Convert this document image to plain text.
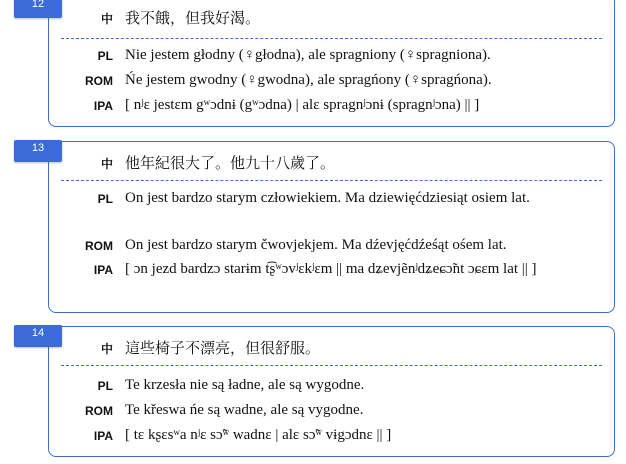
中 我不餓，但我好渴。
PL Nie jestem głodny (♀głodna), ale spragniony (♀spragniona).
ROM Ńe jestem gwodny (♀gwodna), ale spragńony (♀spragńona).
IPA [ nʲɛ jestɛm gʷɔdnɨ (gʷɔdna) | alɛ spragnʲɔnɨ (spragnʲɔna) || ]
12
中 他年紀很大了。他九十八歲了。
PL On jest bardzo starym człowiekiem. Ma dziewięćdziesiąt osiem lat.
ROM On jest bardzo starym čwovjekjem. Ma dźevjęćdźeśąt ośem lat.
IPA [ ɔn jezd bardzɔ starɨm t͡ʂʷɔvʲɛkʲɛm || ma dʑevjẽnʲdʑeɕɔ̃nt ɔɕɛm lat || ]
13
中 這些椅子不漂亮，但很舒服。
PL Te krzesła nie są ładne, ale są wygodne.
ROM Te křeswa ńe są wadne, ale są vygodne.
IPA [ tɛ kʂɛsʷa nʲɛ sɔ̃ʷ wadnɛ | alɛ sɔ̃ʷ vɨgɔdnɛ || ]
14
